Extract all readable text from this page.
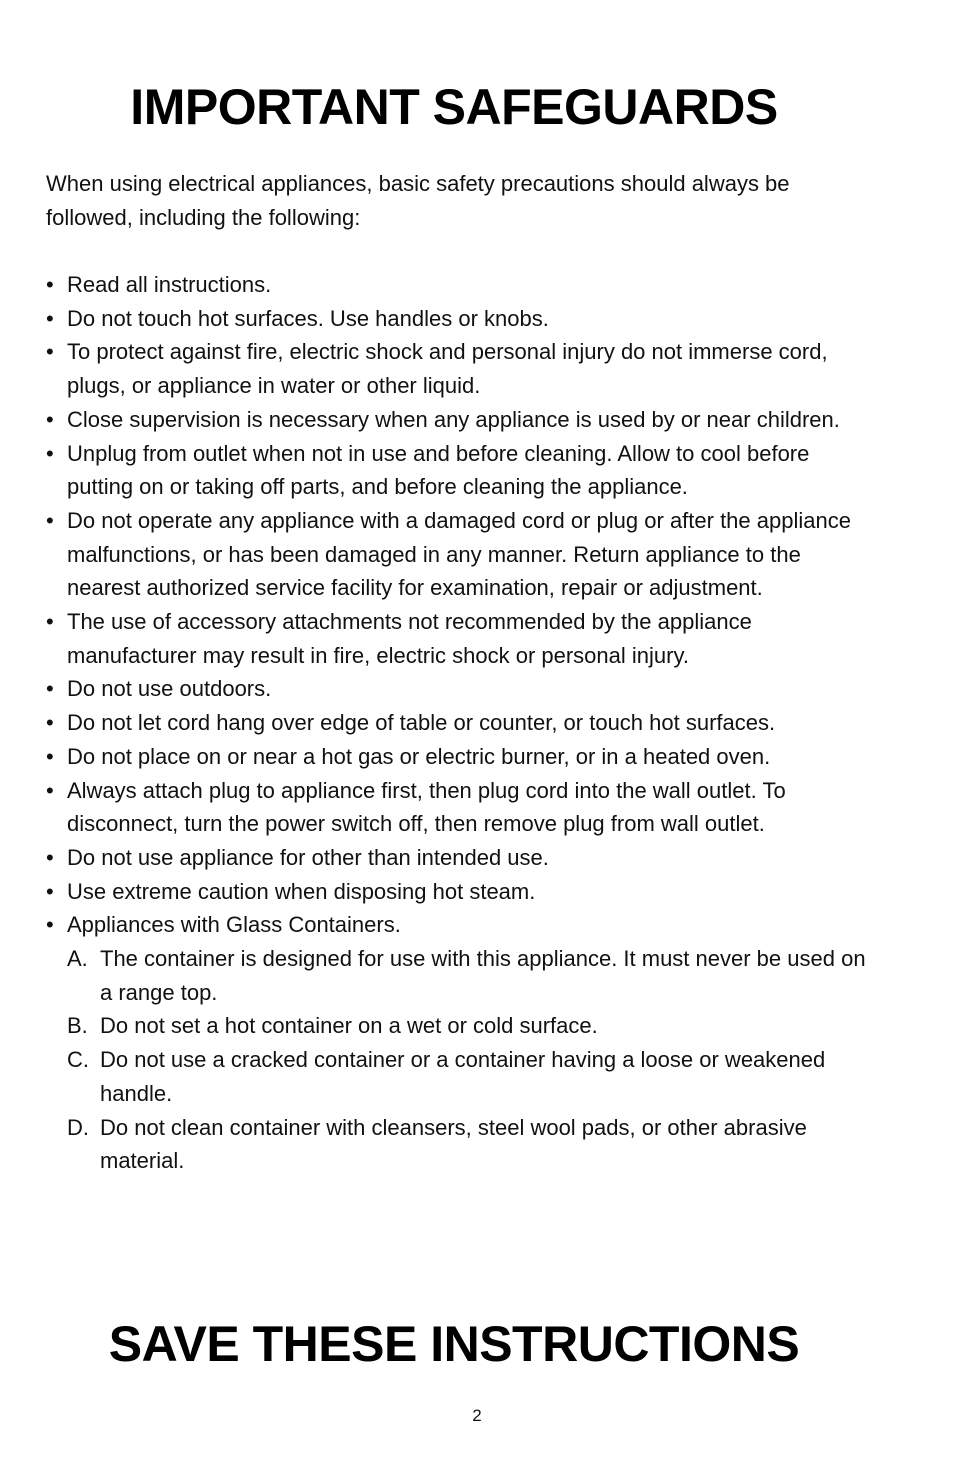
IMPORTANT SAFEGUARDS

When using electrical appliances, basic safety precautions should always be followed, including the following:

• Read all instructions.
• Do not touch hot surfaces. Use handles or knobs.
• To protect against fire, electric shock and personal injury do not immerse cord, plugs, or appliance in water or other liquid.
• Close supervision is necessary when any appliance is used by or near children.
• Unplug from outlet when not in use and before cleaning. Allow to cool before putting on or taking off parts, and before cleaning the appliance.
• Do not operate any appliance with a damaged cord or plug or after the appliance malfunctions, or has been damaged in any manner. Return appliance to the nearest authorized service facility for examination, repair or adjustment.
• The use of accessory attachments not recommended by the appliance manufacturer may result in fire, electric shock or personal injury.
• Do not use outdoors.
• Do not let cord hang over edge of table or counter, or touch hot surfaces.
• Do not place on or near a hot gas or electric burner, or in a heated oven.
• Always attach plug to appliance first, then plug cord into the wall outlet. To disconnect, turn the power switch off, then remove plug from wall outlet.
• Do not use appliance for other than intended use.
• Use extreme caution when disposing hot steam.
• Appliances with Glass Containers.
A. The container is designed for use with this appliance. It must never be used on a range top.
B. Do not set a hot container on a wet or cold surface.
C. Do not use a cracked container or a container having a loose or weakened handle.
D. Do not clean container with cleansers, steel wool pads, or other abrasive material.
SAVE THESE INSTRUCTIONS
2
